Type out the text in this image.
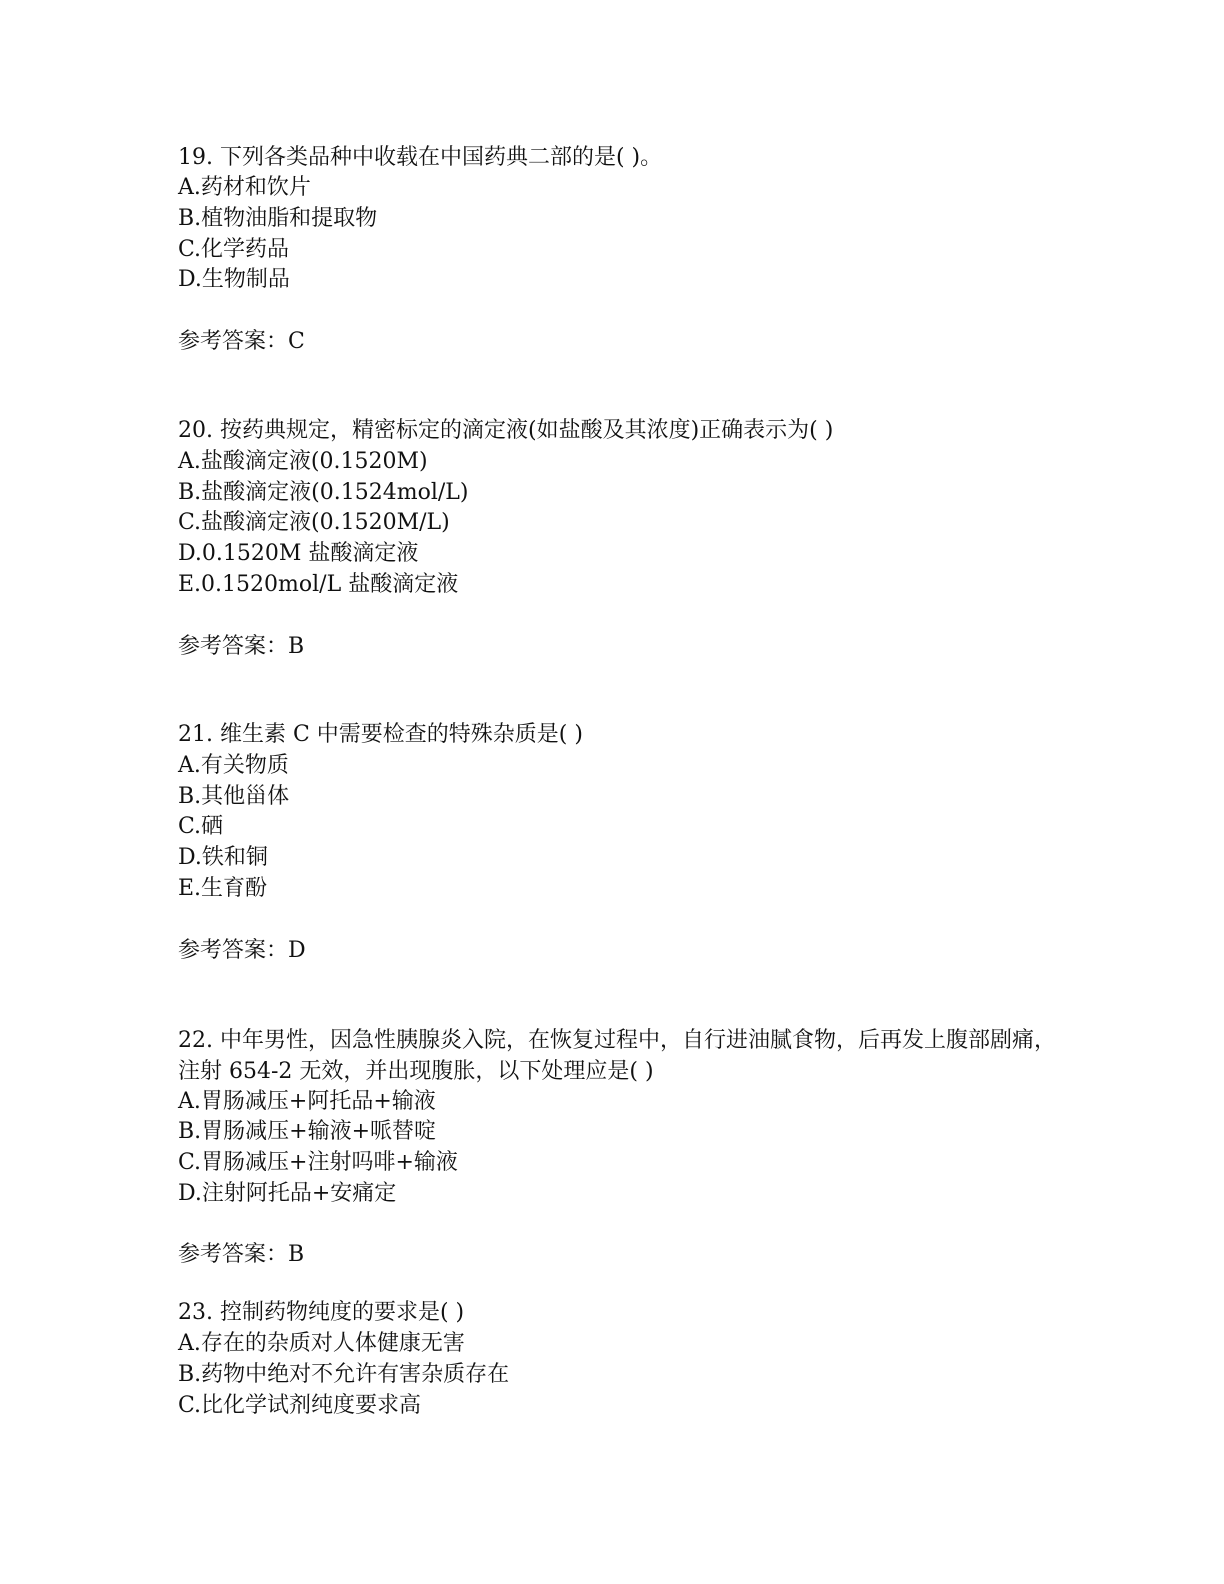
19. 下列各类品种中收载在中国药典二部的是( )。
A.药材和饮片
B.植物油脂和提取物
C.化学药品
D.生物制品
参考答案：C
20. 按药典规定，精密标定的滴定液(如盐酸及其浓度)正确表示为( )
A.盐酸滴定液(0.1520M)
B.盐酸滴定液(0.1524mol/L)
C.盐酸滴定液(0.1520M/L)
D.0.1520M 盐酸滴定液
E.0.1520mol/L 盐酸滴定液
参考答案：B
21. 维生素 C 中需要检查的特殊杂质是( )
A.有关物质
B.其他甾体
C.硒
D.铁和铜
E.生育酚
参考答案：D
22. 中年男性，因急性胰腺炎入院，在恢复过程中，自行进油腻食物，后再发上腹部剧痛，注射 654-2 无效，并出现腹胀，以下处理应是( )
A.胃肠减压+阿托品+输液
B.胃肠减压+输液+哌替啶
C.胃肠减压+注射吗啡+输液
D.注射阿托品+安痛定
参考答案：B
23. 控制药物纯度的要求是( )
A.存在的杂质对人体健康无害
B.药物中绝对不允许有害杂质存在
C.比化学试剂纯度要求高
